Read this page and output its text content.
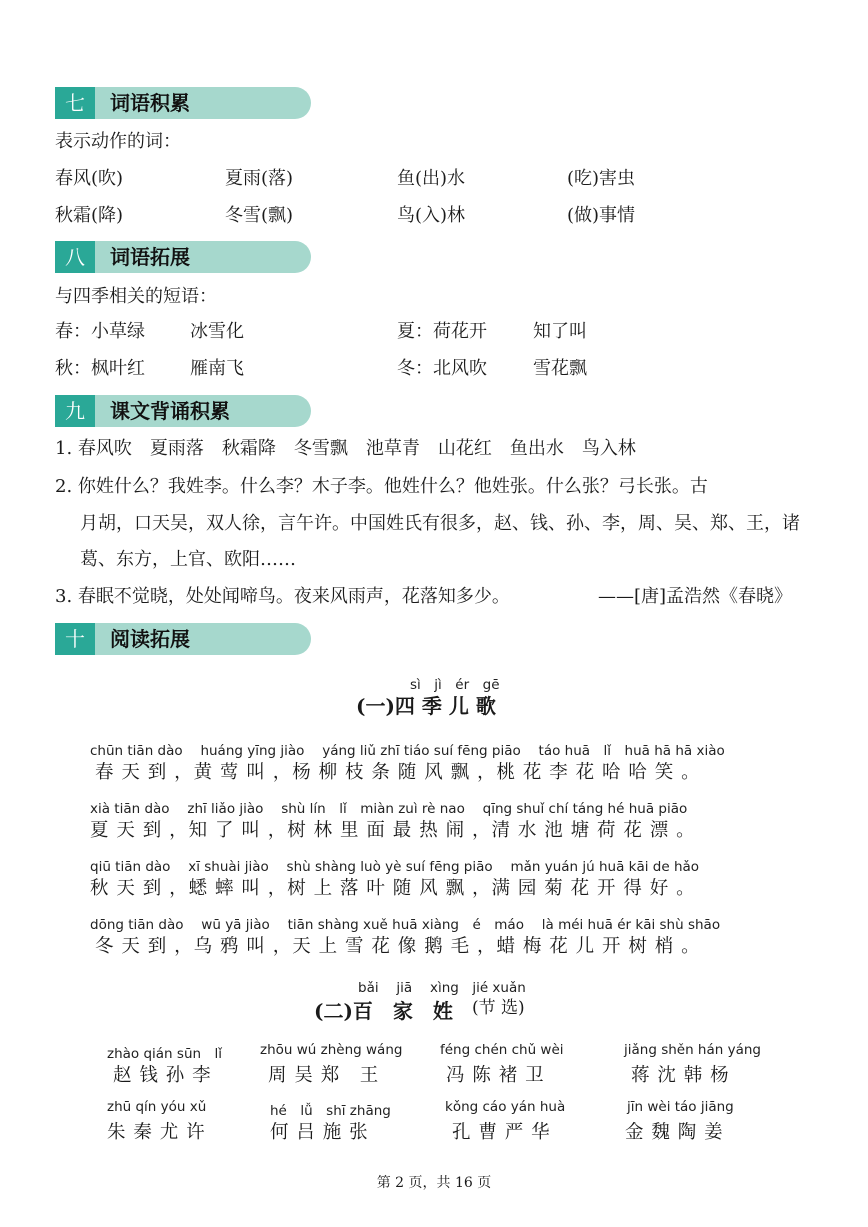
七	词语积累
表示动作的词：
春风(吹)	夏雨(落)	鱼(出)水	(吃)害虫
秋霜(降)	冬雪(飘)	鸟(入)林	(做)事情
八	词语拓展
与四季相关的短语：
春：小草绿	冰雪化	夏：荷花开	知了叫
秋：枫叶红	雁南飞	冬：北风吹	雪花飘
九	课文背诵积累
1. 春风吹　夏雨落　秋霜降　冬雪飘　池草青　山花红　鱼出水　鸟入林
2. 你姓什么？我姓李。什么李？木子李。他姓什么？他姓张。什么张？弓长张。古
月胡，口天吴，双人徐，言午许。中国姓氏有很多，赵、钱、孙、李，周、吴、郑、王，诸
葛、东方，上官、欧阳……
3. 春眠不觉晓，处处闻啼鸟。夜来风雨声，花落知多少。	——[唐]孟浩然《春晓》
十	阅读拓展
sì　jì　ér　gē
(一)四 季 儿 歌
chūn tiān dào　 huáng yīng jiào　 yáng liǔ zhī tiáo suí fēng piāo　 táo huā　lǐ　huā hā hā xiào
春 天 到 ，黄 莺 叫 ，杨 柳 枝 条 随 风 飘 ，桃 花 李 花 哈 哈 笑 。
xià tiān dào　 zhī liǎo jiào　 shù lín　lǐ　miàn zuì rè nao　 qīng shuǐ chí táng hé huā piāo
夏 天 到 ，知 了 叫 ，树 林 里 面 最 热 闹 ，清 水 池 塘 荷 花 漂 。
qiū tiān dào　 xī shuài jiào　 shù shàng luò yè suí fēng piāo　 mǎn yuán jú huā kāi de hǎo
秋 天 到 ，蟋 蟀 叫 ，树 上 落 叶 随 风 飘 ，满 园 菊 花 开 得 好 。
dōng tiān dào　 wū yā jiào　 tiān shàng xuě huā xiàng　é　máo　 là méi huā ér kāi shù shāo
冬 天 到 ，乌 鸦 叫 ，天 上 雪 花 像 鹅 毛 ，蜡 梅 花 儿 开 树 梢 。
bǎi　 jiā　 xìng　jié xuǎn
(二)百　家　姓 (节 选)
zhào qián sūn　lǐ	zhōu wú zhèng wáng	féng chén chǔ wèi	jiǎng shěn hán yáng
赵 钱 孙 李	周 吴 郑　王	冯 陈 褚 卫	蒋 沈 韩 杨
zhū qín yóu xǔ	hé　lǚ　shī zhāng	kǒng cáo yán huà	jīn wèi táo jiāng
朱 秦 尤 许	何 吕 施 张	孔 曹 严 华	金 魏 陶 姜
第 2 页，共 16 页
